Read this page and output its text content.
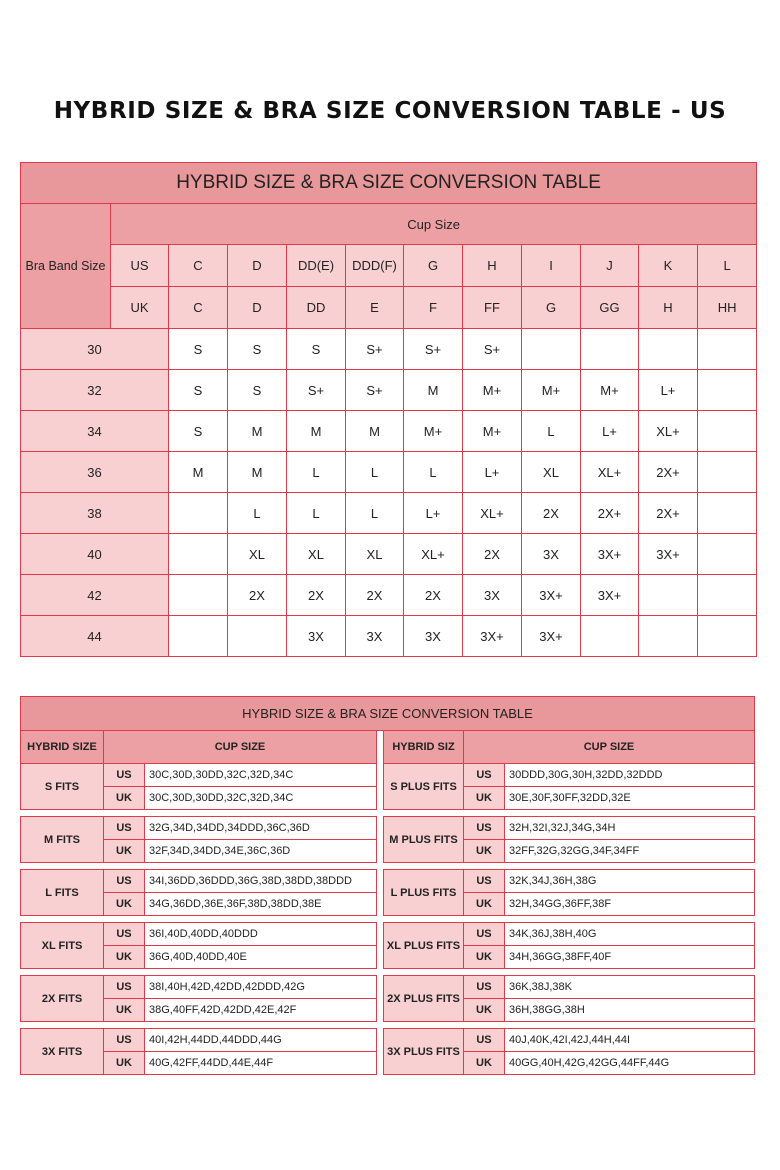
HYBRID SIZE & BRA SIZE CONVERSION TABLE - US
HYBRID SIZE & BRA SIZE CONVERSION TABLE											
Bra Band Size	Cup Size										
	US	C	D	DD(E)	DDD(F)	G	H	I	J	K	L
	UK	C	D	DD	E	F	FF	G	GG	H	HH
30		S	S	S	S+	S+	S+				
32		S	S	S+	S+	M	M+	M+	M+	L+	
34		S	M	M	M	M+	M+	L	L+	XL+	
36		M	M	L	L	L	L+	XL	XL+	2X+	
38			L	L	L	L+	XL+	2X	2X+	2X+	
40			XL	XL	XL	XL+	2X	3X	3X+	3X+	
42			2X	2X	2X	2X	3X	3X+	3X+		
44				3X	3X	3X	3X+	3X+			
HYBRID SIZE & BRA SIZE CONVERSION TABLE
HYBRID SIZE	CUP SIZE	
S FITS	US	30C,30D,30DD,32C,32D,34C
	UK	30C,30D,30DD,32C,32D,34C

M FITS	US	32G,34D,34DD,34DDD,36C,36D
	UK	32F,34D,34DD,34E,36C,36D

L FITS	US	34I,36DD,36DDD,36G,38D,38DD,38DDD
	UK	34G,36DD,36E,36F,38D,38DD,38E

XL FITS	US	36I,40D,40DD,40DDD
	UK	36G,40D,40DD,40E

2X FITS	US	38I,40H,42D,42DD,42DDD,42G
	UK	38G,40FF,42D,42DD,42E,42F

3X FITS	US	40I,42H,44DD,44DDD,44G
	UK	40G,42FF,44DD,44E,44F
HYBRID SIZ	CUP SIZE	
S PLUS FITS	US	30DDD,30G,30H,32DD,32DDD
	UK	30E,30F,30FF,32DD,32E

M PLUS FITS	US	32H,32I,32J,34G,34H
	UK	32FF,32G,32GG,34F,34FF

L PLUS FITS	US	32K,34J,36H,38G
	UK	32H,34GG,36FF,38F

XL PLUS FITS	US	34K,36J,38H,40G
	UK	34H,36GG,38FF,40F

2X PLUS FITS	US	36K,38J,38K
	UK	36H,38GG,38H

3X PLUS FITS	US	40J,40K,42I,42J,44H,44I
	UK	40GG,40H,42G,42GG,44FF,44G
